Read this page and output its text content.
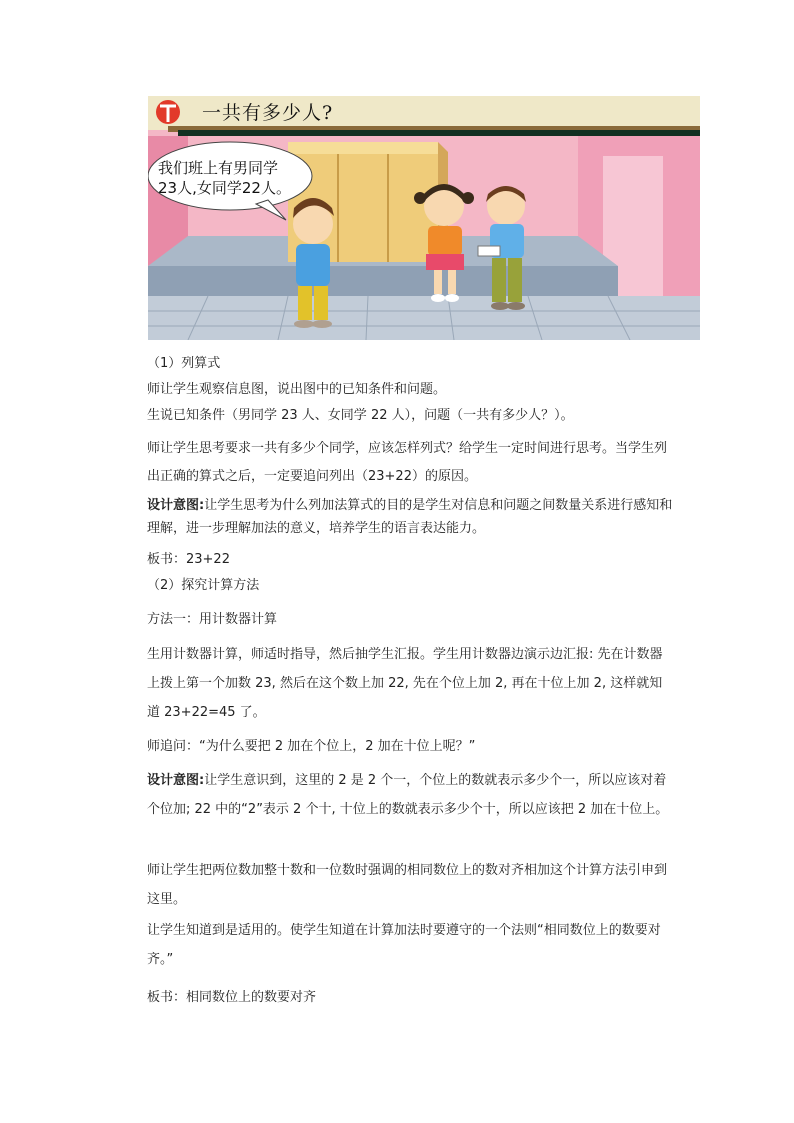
一共有多少人?
我们班上有男同学
23人,女同学22人。
（1）列算式
师让学生观察信息图，说出图中的已知条件和问题。
生说已知条件（男同学 23 人、女同学 22 人），问题（一共有多少人？）。
师让学生思考要求一共有多少个同学，应该怎样列式？给学生一定时间进行思考。当学生列出正确的算式之后，一定要追问列出（23+22）的原因。
设计意图:让学生思考为什么列加法算式的目的是学生对信息和问题之间数量关系进行感知和理解，进一步理解加法的意义，培养学生的语言表达能力。
板书：23+22
（2）探究计算方法
方法一：用计数器计算
生用计数器计算，师适时指导，然后抽学生汇报。学生用计数器边演示边汇报: 先在计数器上拨上第一个加数 23, 然后在这个数上加 22, 先在个位上加 2, 再在十位上加 2, 这样就知道 23+22=45 了。
师追问：“为什么要把 2 加在个位上，2 加在十位上呢？”
设计意图:让学生意识到，这里的 2 是 2 个一，个位上的数就表示多少个一，所以应该对着个位加; 22 中的“2”表示 2 个十, 十位上的数就表示多少个十，所以应该把 2 加在十位上。
师让学生把两位数加整十数和一位数时强调的相同数位上的数对齐相加这个计算方法引申到这里。
让学生知道到是适用的。使学生知道在计算加法时要遵守的一个法则“相同数位上的数要对齐。”
板书：相同数位上的数要对齐
